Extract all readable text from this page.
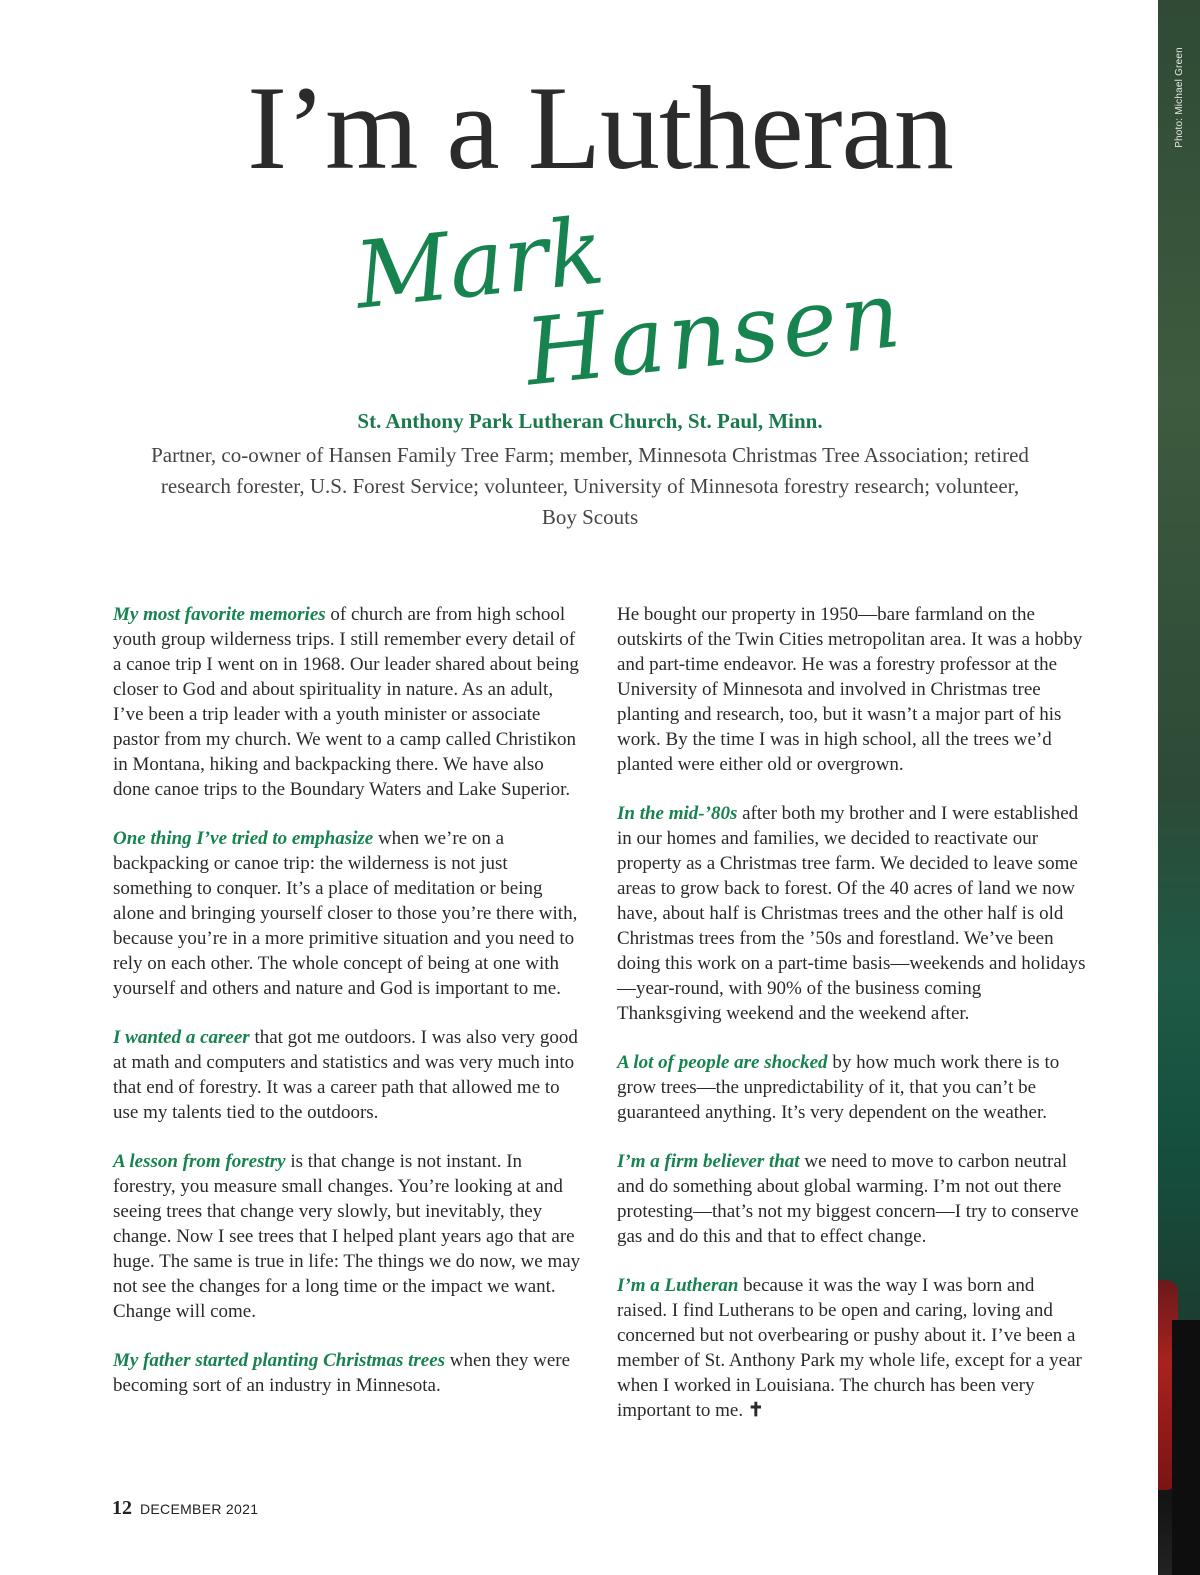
Photo: Michael Green
I’m a Lutheran
Mark
Hansen
St. Anthony Park Lutheran Church, St. Paul, Minn.
Partner, co-owner of Hansen Family Tree Farm; member, Minnesota Christmas Tree Association; retired research forester, U.S. Forest Service; volunteer, University of Minnesota forestry research; volunteer, Boy Scouts

My most favorite memories of church are from high school youth group wilderness trips. I still remember every detail of a canoe trip I went on in 1968. Our leader shared about being closer to God and about spirituality in nature. As an adult, I’ve been a trip leader with a youth minister or associate pastor from my church. We went to a camp called Christikon in Montana, hiking and backpacking there. We have also done canoe trips to the Boundary Waters and Lake Superior.

One thing I’ve tried to emphasize when we’re on a backpacking or canoe trip: the wilderness is not just something to conquer. It’s a place of meditation or being alone and bringing yourself closer to those you’re there with, because you’re in a more primitive situation and you need to rely on each other. The whole concept of being at one with yourself and others and nature and God is important to me.

I wanted a career that got me outdoors. I was also very good at math and computers and statistics and was very much into that end of forestry. It was a career path that allowed me to use my talents tied to the outdoors.

A lesson from forestry is that change is not instant. In forestry, you measure small changes. You’re looking at and seeing trees that change very slowly, but inevitably, they change. Now I see trees that I helped plant years ago that are huge. The same is true in life: The things we do now, we may not see the changes for a long time or the impact we want. Change will come.

My father started planting Christmas trees when they were becoming sort of an industry in Minnesota.

He bought our property in 1950—bare farmland on the outskirts of the Twin Cities metropolitan area. It was a hobby and part-time endeavor. He was a forestry professor at the University of Minnesota and involved in Christmas tree planting and research, too, but it wasn’t a major part of his work. By the time I was in high school, all the trees we’d planted were either old or overgrown.

In the mid-’80s after both my brother and I were established in our homes and families, we decided to reactivate our property as a Christmas tree farm. We decided to leave some areas to grow back to forest. Of the 40 acres of land we now have, about half is Christmas trees and the other half is old Christmas trees from the ’50s and forestland. We’ve been doing this work on a part-time basis—weekends and holidays—year-round, with 90% of the business coming Thanksgiving weekend and the weekend after.

A lot of people are shocked by how much work there is to grow trees—the unpredictability of it, that you can’t be guaranteed anything. It’s very dependent on the weather.

I’m a firm believer that we need to move to carbon neutral and do something about global warming. I’m not out there protesting—that’s not my biggest concern—I try to conserve gas and do this and that to effect change.

I’m a Lutheran because it was the way I was born and raised. I find Lutherans to be open and caring, loving and concerned but not overbearing or pushy about it. I’ve been a member of St. Anthony Park my whole life, except for a year when I worked in Louisiana. The church has been very important to me. ✝

12 DECEMBER 2021
